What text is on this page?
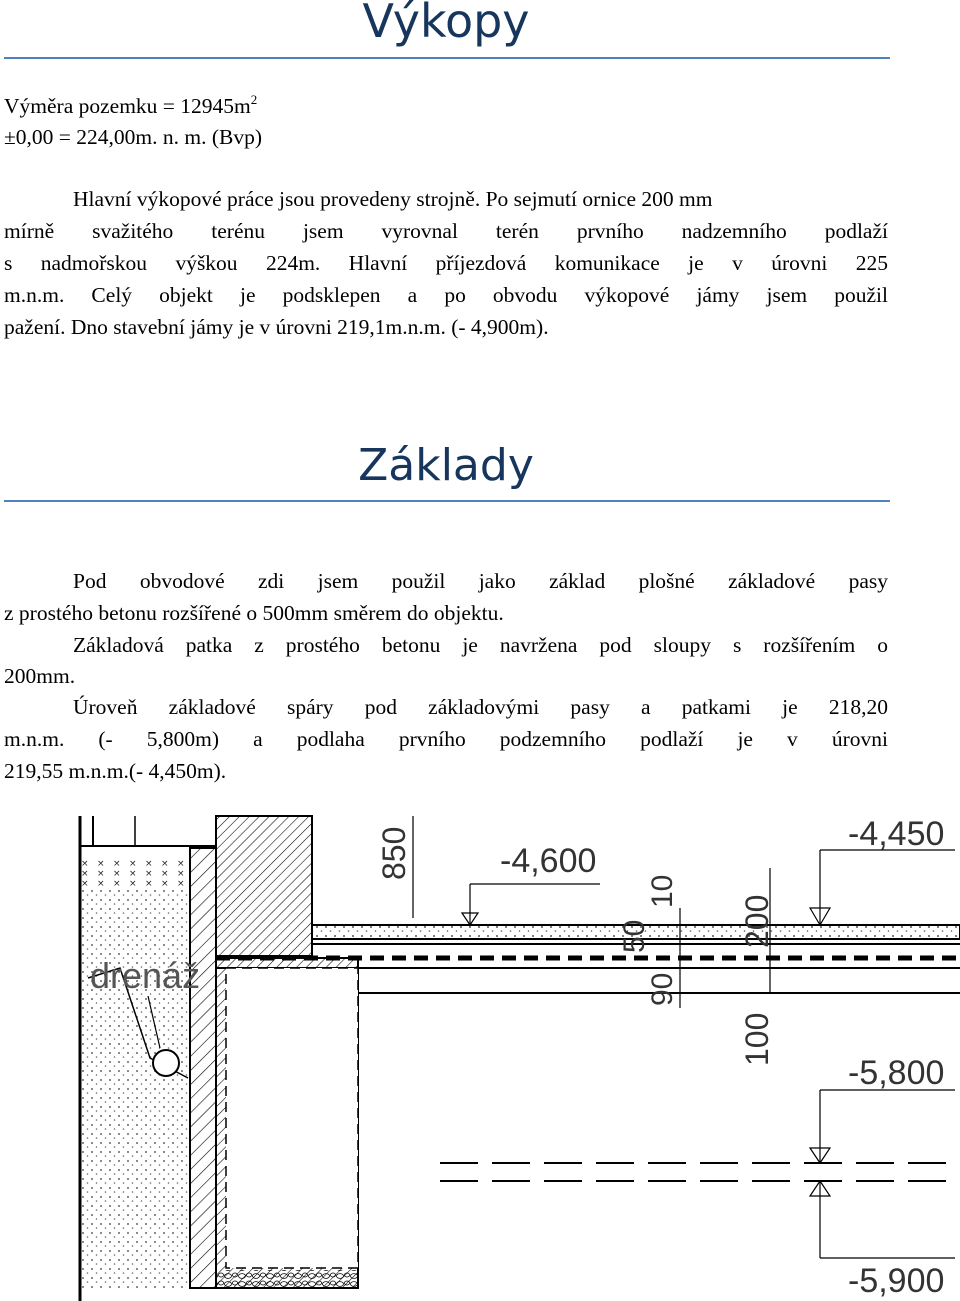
Výkopy
Výměra pozemku = $12945m^2$
±0,00 = 224,00m. n. m. (Bvp)
Hlavní výkopové práce jsou provedeny strojně. Po sejmutí ornice 200 mm
mírně svažitého terénu jsem vyrovnal terén prvního nadzemního podlaží
s nadmořskou výškou 224m. Hlavní příjezdová komunikace je v úrovni 225
m.n.m. Celý objekt je podsklepen a po obvodu výkopové jámy jsem použil
pažení. Dno stavební jámy je v úrovni 219,1m.n.m. (- 4,900m).
Základy
Pod obvodové zdi jsem použil jako základ plošné základové pasy
z prostého betonu rozšířené o 500mm směrem do objektu.
Základová patka z prostého betonu je navržena pod sloupy s rozšířením o
200mm.
Úroveň základové spáry pod základovými pasy a patkami je 218,20
m.n.m. (- 5,800m) a podlaha prvního podzemního podlaží je v úrovni
219,55 m.n.m.(- 4,450m).
drenáž
850	-4,600
-4,450
50
10
90
200
100
-5,800
-5,900
